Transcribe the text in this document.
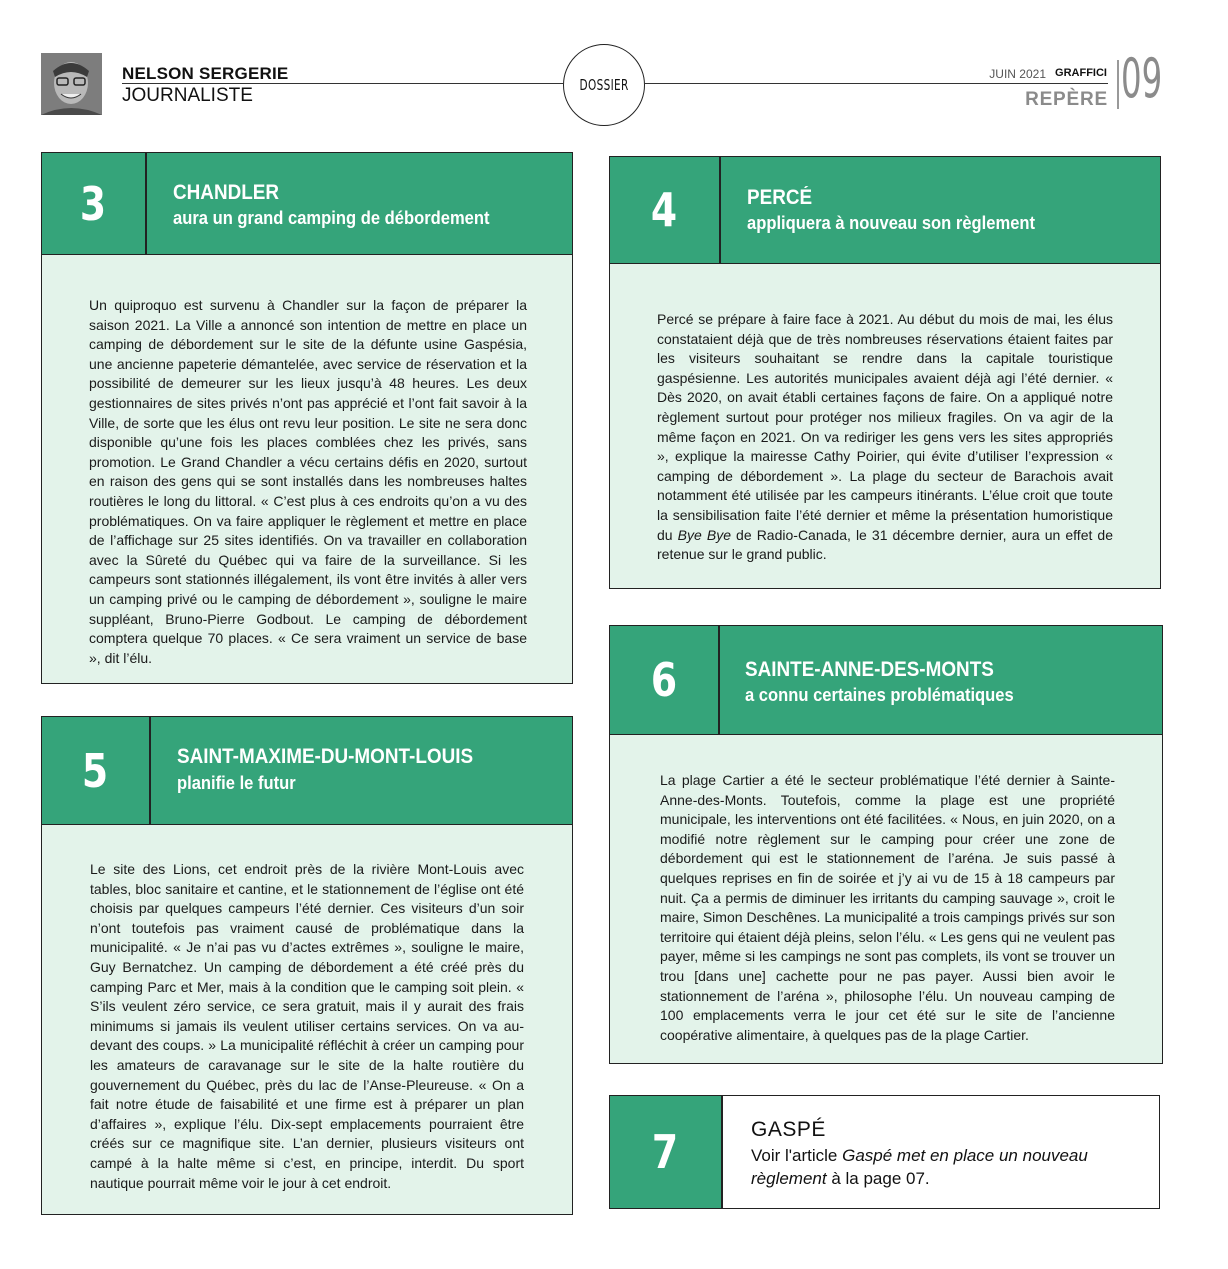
NELSON SERGERIE
JOURNALISTE	DOSSIER
JUIN 2021 GRAFFICI
REPÈRE 09
3	CHANDLER
aura un grand camping de débordement
Un quiproquo est survenu à Chandler sur la façon de préparer la saison 2021. La Ville a annoncé son intention de mettre en place un camping de débordement sur le site de la défunte usine Gaspésia, une ancienne papeterie démantelée, avec service de réservation et la possibilité de demeurer sur les lieux jusqu’à 48 heures. Les deux gestionnaires de sites privés n’ont pas apprécié et l’ont fait savoir à la Ville, de sorte que les élus ont revu leur position. Le site ne sera donc disponible qu’une fois les places comblées chez les privés, sans promotion. Le Grand Chandler a vécu certains défis en 2020, surtout en raison des gens qui se sont installés dans les nombreuses haltes routières le long du littoral. « C’est plus à ces endroits qu’on a vu des problématiques. On va faire appliquer le règlement et mettre en place de l’affichage sur 25 sites identifiés. On va travailler en collaboration avec la Sûreté du Québec qui va faire de la surveillance. Si les campeurs sont stationnés illégalement, ils vont être invités à aller vers un camping privé ou le camping de débordement », souligne le maire suppléant, Bruno-Pierre Godbout. Le camping de débordement comptera quelque 70 places. « Ce sera vraiment un service de base », dit l’élu.
4	PERCÉ
appliquera à nouveau son règlement
Percé se prépare à faire face à 2021. Au début du mois de mai, les élus constataient déjà que de très nombreuses réservations étaient faites par les visiteurs souhaitant se rendre dans la capitale touristique gaspésienne. Les autorités municipales avaient déjà agi l’été dernier. « Dès 2020, on avait établi certaines façons de faire. On a appliqué notre règlement surtout pour protéger nos milieux fragiles. On va agir de la même façon en 2021. On va rediriger les gens vers les sites appropriés », explique la mairesse Cathy Poirier, qui évite d’utiliser l’expression « camping de débordement ». La plage du secteur de Barachois avait notamment été utilisée par les campeurs itinérants. L’élue croit que toute la sensibilisation faite l’été dernier et même la présentation humoristique du Bye Bye de Radio-Canada, le 31 décembre dernier, aura un effet de retenue sur le grand public.
5	SAINT-MAXIME-DU-MONT-LOUIS
planifie le futur
Le site des Lions, cet endroit près de la rivière Mont-Louis avec tables, bloc sanitaire et cantine, et le stationnement de l’église ont été choisis par quelques campeurs l’été dernier. Ces visiteurs d’un soir n’ont toutefois pas vraiment causé de problématique dans la municipalité. « Je n’ai pas vu d’actes extrêmes », souligne le maire, Guy Bernatchez. Un camping de débordement a été créé près du camping Parc et Mer, mais à la condition que le camping soit plein. « S’ils veulent zéro service, ce sera gratuit, mais il y aurait des frais minimums si jamais ils veulent utiliser certains services. On va au-devant des coups. » La municipalité réfléchit à créer un camping pour les amateurs de caravanage sur le site de la halte routière du gouvernement du Québec, près du lac de l’Anse-Pleureuse. « On a fait notre étude de faisabilité et une firme est à préparer un plan d’affaires », explique l’élu. Dix-sept emplacements pourraient être créés sur ce magnifique site. L’an dernier, plusieurs visiteurs ont campé à la halte même si c’est, en principe, interdit. Du sport nautique pourrait même voir le jour à cet endroit.
6	SAINTE-ANNE-DES-MONTS
a connu certaines problématiques
La plage Cartier a été le secteur problématique l’été dernier à Sainte-Anne-des-Monts. Toutefois, comme la plage est une propriété municipale, les interventions ont été facilitées. « Nous, en juin 2020, on a modifié notre règlement sur le camping pour créer une zone de débordement qui est le stationnement de l’aréna. Je suis passé à quelques reprises en fin de soirée et j’y ai vu de 15 à 18 campeurs par nuit. Ça a permis de diminuer les irritants du camping sauvage », croit le maire, Simon Deschênes. La municipalité a trois campings privés sur son territoire qui étaient déjà pleins, selon l’élu. « Les gens qui ne veulent pas payer, même si les campings ne sont pas complets, ils vont se trouver un trou [dans une] cachette pour ne pas payer. Aussi bien avoir le stationnement de l’aréna », philosophe l’élu. Un nouveau camping de 100 emplacements verra le jour cet été sur le site de l’ancienne coopérative alimentaire, à quelques pas de la plage Cartier.
7	GASPÉ
Voir l'article Gaspé met en place un nouveau règlement à la page 07.
